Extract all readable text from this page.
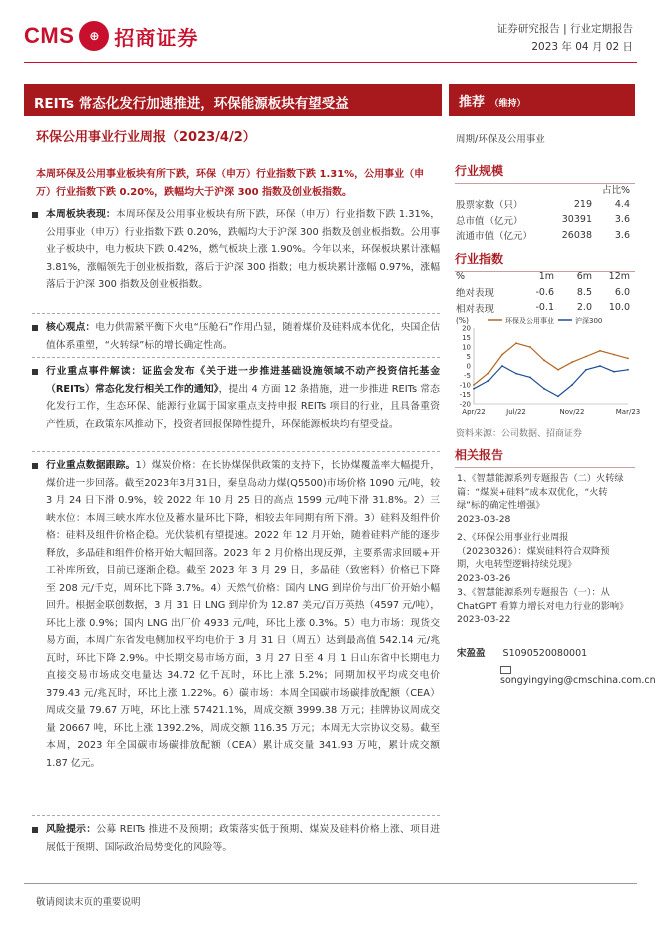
CMS	⊕ 招商证券	证券研究报告 | 行业定期报告
2023 年 04 月 02 日
REITs 常态化发行加速推进，环保能源板块有望受益
环保公用事业行业周报（2023/4/2）
推荐 （维持）
周期/环保及公用事业
本周环保及公用事业板块有所下跌，环保（申万）行业指数下跌 1.31%，公用事业（申万）行业指数下跌 0.20%，跌幅均大于沪深 300 指数及创业板指数。
本周板块表现：本周环保及公用事业板块有所下跌，环保（申万）行业指数下跌 1.31%，公用事业（申万）行业指数下跌 0.20%，跌幅均大于沪深 300 指数及创业板指数。公用事业子板块中，电力板块下跌 0.42%，燃气板块上涨 1.90%。今年以来，环保板块累计涨幅 3.81%，涨幅领先于创业板指数，落后于沪深 300 指数；电力板块累计涨幅 0.97%，涨幅落后于沪深 300 指数及创业板指数。
核心观点：电力供需紧平衡下火电“压舱石”作用凸显，随着煤价及硅料成本优化，央国企估值体系重塑，“火转绿”标的增长确定性高。
行业重点事件解读：证监会发布《关于进一步推进基础设施领域不动产投资信托基金（REITs）常态化发行相关工作的通知》，提出 4 方面 12 条措施，进一步推进 REITs 常态化发行工作，生态环保、能源行业属于国家重点支持申报 REITs 项目的行业，且具备重资产性质，在政策东风推动下，投资者回报保障性提升，环保能源板块均有望受益。
行业重点数据跟踪。1）煤炭价格：在长协煤保供政策的支持下，长协煤覆盖率大幅提升，煤价进一步回落。截至2023年3月31日，秦皇岛动力煤(Q5500)市场价格 1090 元/吨，较 3 月 24 日下滑 0.9%，较 2022 年 10 月 25 日的高点 1599 元/吨下滑 31.8%。2）三峡水位：本周三峡水库水位及蓄水量环比下降，相较去年同期有所下滑。3）硅料及组件价格：硅料及组件价格企稳。光伏装机有望提速。2022 年 12 月开始，随着硅料产能的逐步释放，多晶硅和组件价格开始大幅回落。2023 年 2 月价格出现反弹，主要系需求回暖+开工补库所致，目前已逐渐企稳。截至 2023 年 3 月 29 日，多晶硅（致密料）价格已下降至 208 元/千克，周环比下降 3.7%。4）天然气价格：国内 LNG 到岸价与出厂价开始小幅回升。根据金联创数据，3 月 31 日 LNG 到岸价为 12.87 美元/百万英热（4597 元/吨），环比上涨 0.9%；国内 LNG 出厂价 4933 元/吨，环比上涨 0.3%。5）电力市场：现货交易方面，本周广东省发电侧加权平均电价于 3 月 31 日（周五）达到最高值 542.14 元/兆瓦时，环比下降 2.9%。中长期交易市场方面，3 月 27 日至 4 月 1 日山东省中长期电力直接交易市场成交电量达 34.72 亿千瓦时，环比上涨 5.2%；同期加权平均成交电价 379.43 元/兆瓦时，环比上涨 1.22%。6）碳市场：本周全国碳市场碳排放配额（CEA）周成交量 79.67 万吨，环比上涨 57421.1%，周成交额 3999.38 万元；挂牌协议周成交量 20667 吨，环比上涨 1392.2%，周成交额 116.35 万元；本周无大宗协议交易。截至本周，2023 年全国碳市场碳排放配额（CEA）累计成交量 341.93 万吨，累计成交额 1.87 亿元。
风险提示：公募 REITs 推进不及预期；政策落实低于预期、煤炭及硅料价格上涨、项目进展低于预期、国际政治局势变化的风险等。
行业规模
占比%
股票家数（只）	219	4.4
总市值（亿元）	30391	3.6
流通市值（亿元）	26038	3.6
行业指数
%	1m	6m	12m
绝对表现	-0.6	8.5	6.0
相对表现	-0.1	2.0	10.0
(%)
20
15
10
5
0
-5
-10
-15
-20
Apr/22	Jul/22	Nov/22	Mar/23
环保及公用事业	沪深300
资料来源：公司数据、招商证券
相关报告
1、《智慧能源系列专题报告（二）火转绿篇：“煤炭+硅料”成本双优化，“火转绿”标的确定性增强》
2023-03-28
2、《环保公用事业行业周报（20230326）：煤炭硅料符合双降预期，火电转型逻辑持续兑现》
2023-03-26
3、《智慧能源系列专题报告（一）：从 ChatGPT 看算力增长对电力行业的影响》
2023-03-22
宋盈盈 S1090520080001
songyingying@cmschina.com.cn
敬请阅读末页的重要说明
